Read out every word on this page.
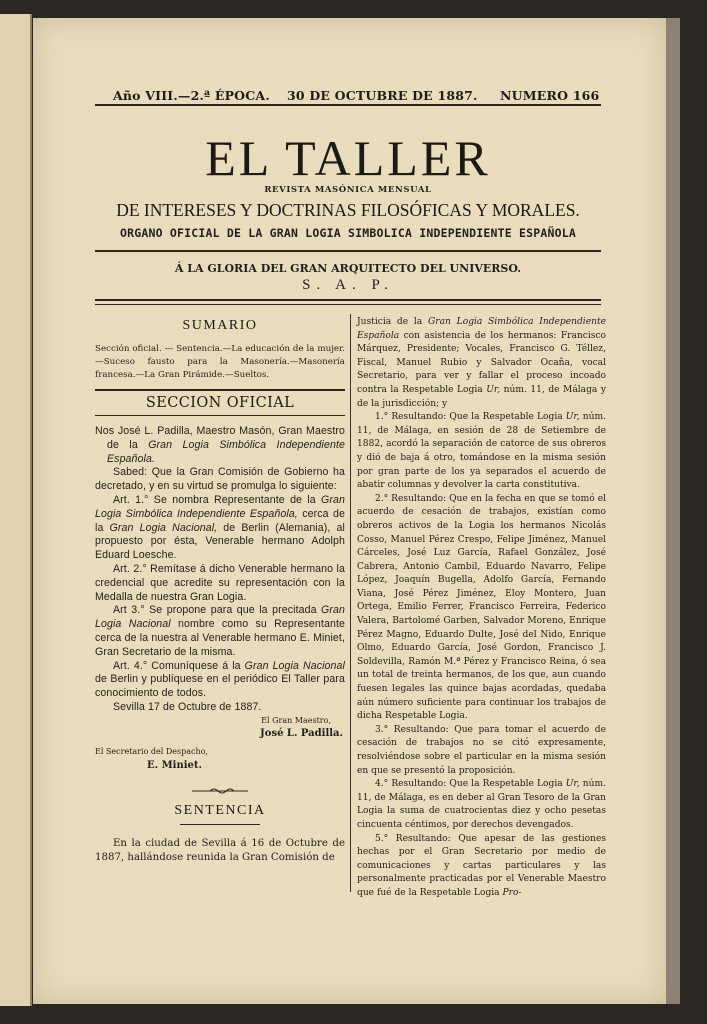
Año VIII.—2.ª ÉPOCA. 30 DE OCTUBRE DE 1887. NUMERO 166
EL TALLER
REVISTA MASÓNICA MENSUAL
DE INTERESES Y DOCTRINAS FILOSÓFICAS Y MORALES.
ORGANO OFICIAL DE LA GRAN LOGIA SIMBOLICA INDEPENDIENTE ESPAÑOLA
Á LA GLORIA DEL GRAN ARQUITECTO DEL UNIVERSO.
S. A. P.
SUMARIO
Sección oficial. — Sentencia.—La educación de la mujer.—Suceso fausto para la Masonería.—Masonería francesa.—La Gran Pirámide.—Sueltos.
SECCION OFICIAL
Nos José L. Padilla, Maestro Masón, Gran Maestro de la Gran Logia Simbólica Independiente Española.
Sabed: Que la Gran Comisión de Gobierno ha decretado, y en su virtud se promulga lo siguiente:
Art. 1.° Se nombra Representante de la Gran Logia Simbólica Independiente Española, cerca de la Gran Logia Nacional, de Berlin (Alemania), al propuesto por ésta, Venerable hermano Adolph Eduard Loesche.
Art. 2.° Remítase á dicho Venerable hermano la credencial que acredite su representación con la Medalla de nuestra Gran Logia.
Art 3.° Se propone para que la precitada Gran Logia Nacional nombre como su Representante cerca de la nuestra al Venerable hermano E. Miniet, Gran Secretario de la misma.
Art. 4.° Comuníquese á la Gran Logia Nacional de Berlin y publíquese en el periódico El Taller para conocimiento de todos.
Sevilla 17 de Octubre de 1887.
El Gran Maestro,
José L. Padilla.
El Secretario del Despacho,
E. Miniet.
SENTENCIA
En la ciudad de Sevilla á 16 de Octubre de 1887, hallándose reunida la Gran Comisión de
Justicia de la Gran Logia Simbólica Independiente Española con asistencia de los hermanos: Francisco Márquez, Presidente; Vocales, Francisco G. Téllez, Fiscal, Manuel Rubio y Salvador Ocaña, vocal Secretario, para ver y fallar el proceso incoado contra la Respetable Logia Ur, núm. 11, de Málaga y de la jurisdicción; y
1.° Resultando: Que la Respetable Logia Ur, núm. 11, de Málaga, en sesión de 28 de Setiembre de 1882, acordó la separación de catorce de sus obreros y dió de baja á otro, tomándose en la misma sesión por gran parte de los ya separados el acuerdo de abatir columnas y devolver la carta constitutiva.
2.° Resultando: Que en la fecha en que se tomó el acuerdo de cesación de trabajos, existían como obreros activos de la Logia los hermanos Nicolás Cosso, Manuel Pérez Crespo, Felipe Jiménez, Manuel Cárceles, José Luz García, Rafael González, José Cabrera, Antonio Cambil, Eduardo Navarro, Felipe López, Joaquín Bugella, Adolfo García, Fernando Viana, José Pérez Jiménez, Eloy Montero, Juan Ortega, Emilio Ferrer, Francisco Ferreira, Federico Valera, Bartolomé Garben, Salvador Moreno, Enrique Pérez Magno, Eduardo Dulte, José del Nido, Enrique Olmo, Eduardo García, José Gordon, Francisco J. Soldevilla, Ramón M.ª Pérez y Francisco Reina, ó sea un total de treinta hermanos, de los que, aun cuando fuesen legales las quince bajas acordadas, quedaba aún número suficiente para continuar los trabajos de dicha Respetable Logia.
3.° Resultando: Que para tomar el acuerdo de cesación de trabajos no se citó expresamente, resolviéndose sobre el particular en la misma sesión en que se presentó la proposición.
4.° Resultando: Que la Respetable Logia Ur, núm. 11, de Málaga, es en deber al Gran Tesoro de la Gran Logia la suma de cuatrocientas diez y ocho pesetas cincuenta céntimos, por derechos devengados.
5.° Resultando: Que apesar de las gestiones hechas por el Gran Secretario por medio de comunicaciones y cartas particulares y las personalmente practicadas por el Venerable Maestro que fué de la Respetable Logia Pro-
